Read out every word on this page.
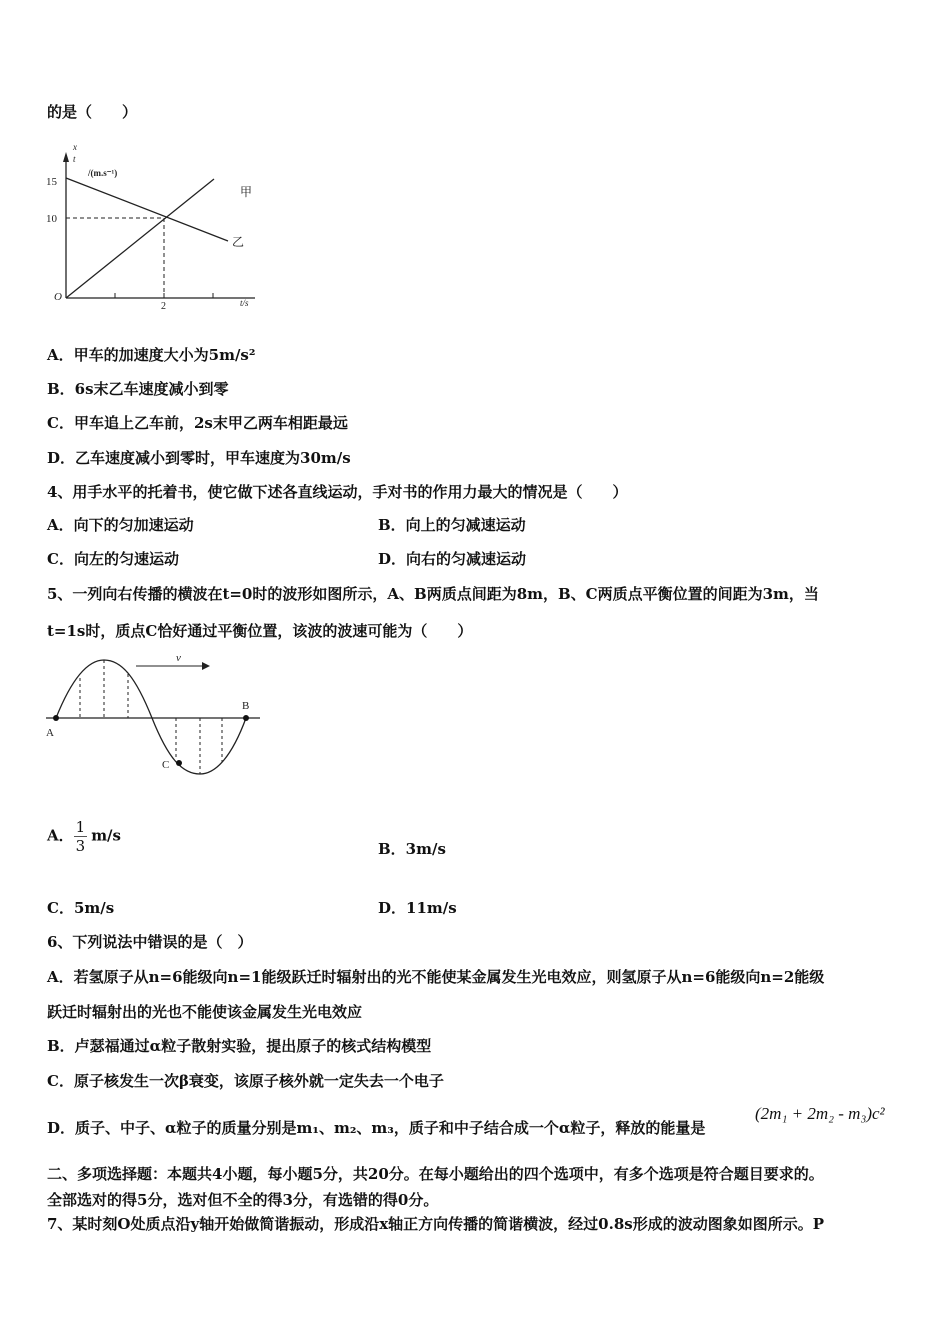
的是（　　）
x
t
/(m.s⁻¹)
15
10
O
2	t/s
甲
乙
A．甲车的加速度大小为5m/s²
B．6s末乙车速度减小到零
C．甲车追上乙车前，2s末甲乙两车相距最远
D．乙车速度减小到零时，甲车速度为30m/s
4、用手水平的托着书，使它做下述各直线运动，手对书的作用力最大的情况是（　　）
A．向下的匀加速运动	B．向上的匀减速运动
C．向左的匀速运动	D．向右的匀减速运动
5、一列向右传播的横波在t=0时的波形如图所示，A、B两质点间距为8m，B、C两质点平衡位置的间距为3m，当
t=1s时，质点C恰好通过平衡位置，该波的波速可能为（　　）
v
A
B
C
A． $\frac{1}{3} m/s$
B．3m/s
C．5m/s	D．11m/s
6、下列说法中错误的是（　）
A．若氢原子从n=6能级向n=1能级跃迁时辐射出的光不能使某金属发生光电效应，则氢原子从n=6能级向n=2能级
跃迁时辐射出的光也不能使该金属发生光电效应
B．卢瑟福通过α粒子散射实验，提出原子的核式结构模型
C．原子核发生一次β衰变，该原子核外就一定失去一个电子
D．质子、中子、α粒子的质量分别是m₁、m₂、m₃，质子和中子结合成一个α粒子，释放的能量是
(2m₁ + 2m₂ - m₃)c²
二、多项选择题：本题共4小题，每小题5分，共20分。在每小题给出的四个选项中，有多个选项是符合题目要求的。
全部选对的得5分，选对但不全的得3分，有选错的得0分。
7、某时刻O处质点沿y轴开始做简谐振动，形成沿x轴正方向传播的简谐横波，经过0.8s形成的波动图象如图所示。P
